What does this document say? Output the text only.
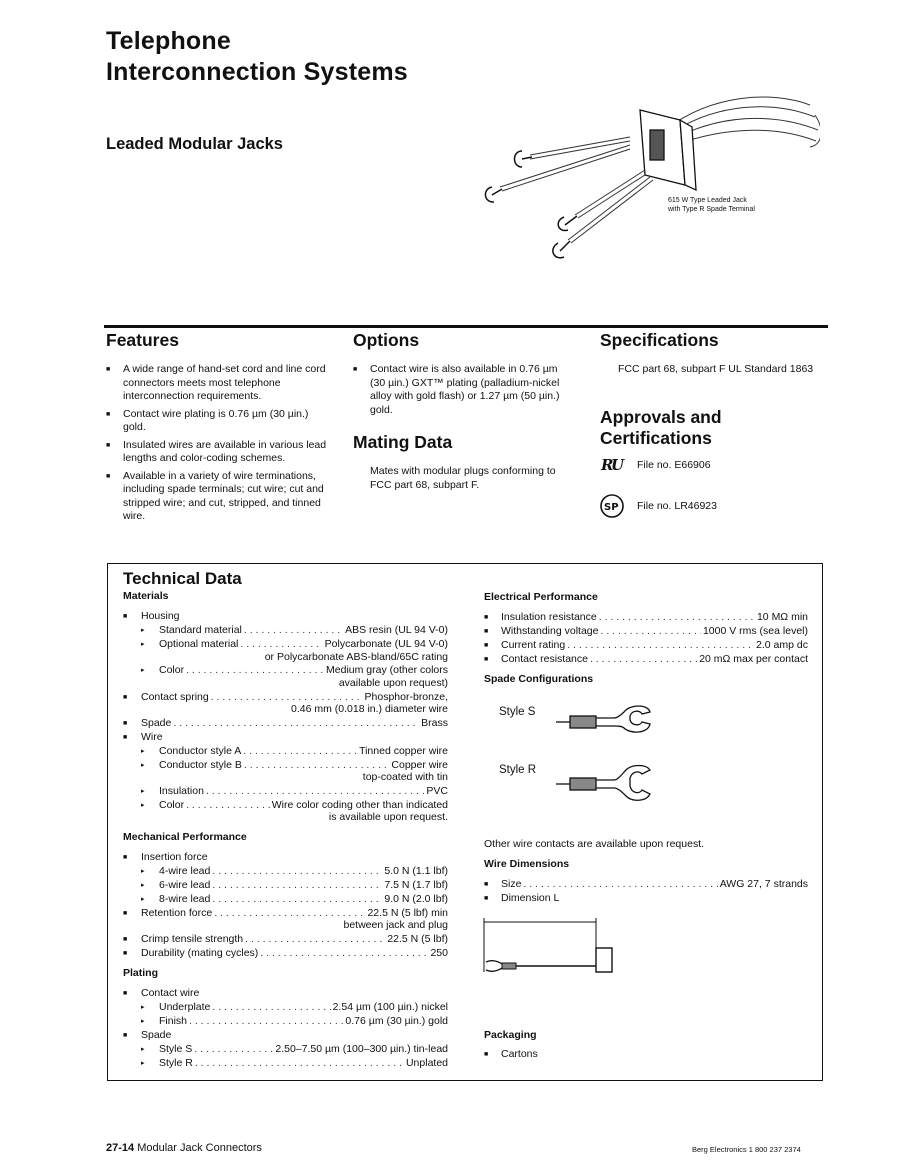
Telephone
Interconnection Systems
Leaded Modular Jacks
615 W Type Leaded Jack
with Type R Spade Terminal
Features
■ A wide range of hand-set cord and line cord connectors meets most telephone interconnection requirements.
■ Contact wire plating is 0.76 µm (30 µin.) gold.
■ Insulated wires are available in various lead lengths and color-coding schemes.
■ Available in a variety of wire terminations, including spade terminals; cut wire; cut and stripped wire; and cut, stripped, and tinned wire.
Options
■ Contact wire is also available in 0.76 µm (30 µin.) GXT™ plating (palladium-nickel alloy with gold flash) or 1.27 µm (50 µin.) gold.
Mating Data
Mates with modular plugs conforming to FCC part 68, subpart F.
Specifications
FCC part 68, subpart F UL Standard 1863
Approvals and
Certifications
R
U File no. E66906
SP File no. LR46923
Technical Data
Materials
■ Housing
▸ Standard material . . .	ABS resin (UL 94 V-0)
▸ Optional material . . .	Polycarbonate (UL 94 V-0)
or Polycarbonate ABS-bland/65C rating
▸ Color . . .	Medium gray (other colors
available upon request)
■ Contact spring . . .	Phosphor-bronze,
0.46 mm (0.018 in.) diameter wire
■ Spade . . .	Brass
■ Wire
▸ Conductor style A . . .	Tinned copper wire
▸ Conductor style B . . .	Copper wire
top-coated with tin
▸ Insulation . . .	PVC
▸ Color . . .	Wire color coding other than indicated
is available upon request.
Mechanical Performance
■ Insertion force
▸ 4-wire lead . . .	5.0 N (1.1 lbf)
▸ 6-wire lead . . .	7.5 N (1.7 lbf)
▸ 8-wire lead . . .	9.0 N (2.0 lbf)
■ Retention force . . .	22.5 N (5 lbf) min
between jack and plug
■ Crimp tensile strength . . .	22.5 N (5 lbf)
■ Durability (mating cycles) . . .	250
Plating
■ Contact wire
▸ Underplate . . .	2.54 µm (100 µin.) nickel
▸ Finish . . .	0.76 µm (30 µin.) gold
■ Spade
▸ Style S . . .	2.50–7.50 µm (100–300 µin.) tin-lead
▸ Style R . . .	Unplated
Electrical Performance
■ Insulation resistance . . .	10 MΩ min
■ Withstanding voltage . . .	1000 V rms (sea level)
■ Current rating . . .	2.0 amp dc
■ Contact resistance . . .	20 mΩ max per contact
Spade Configurations
Style S
Style R
Other wire contacts are available upon request.
Wire Dimensions
■ Size . . .	AWG 27, 7 strands
■ Dimension L
Packaging
■ Cartons
27-14 Modular Jack Connectors	Berg Electronics 1 800 237 2374
